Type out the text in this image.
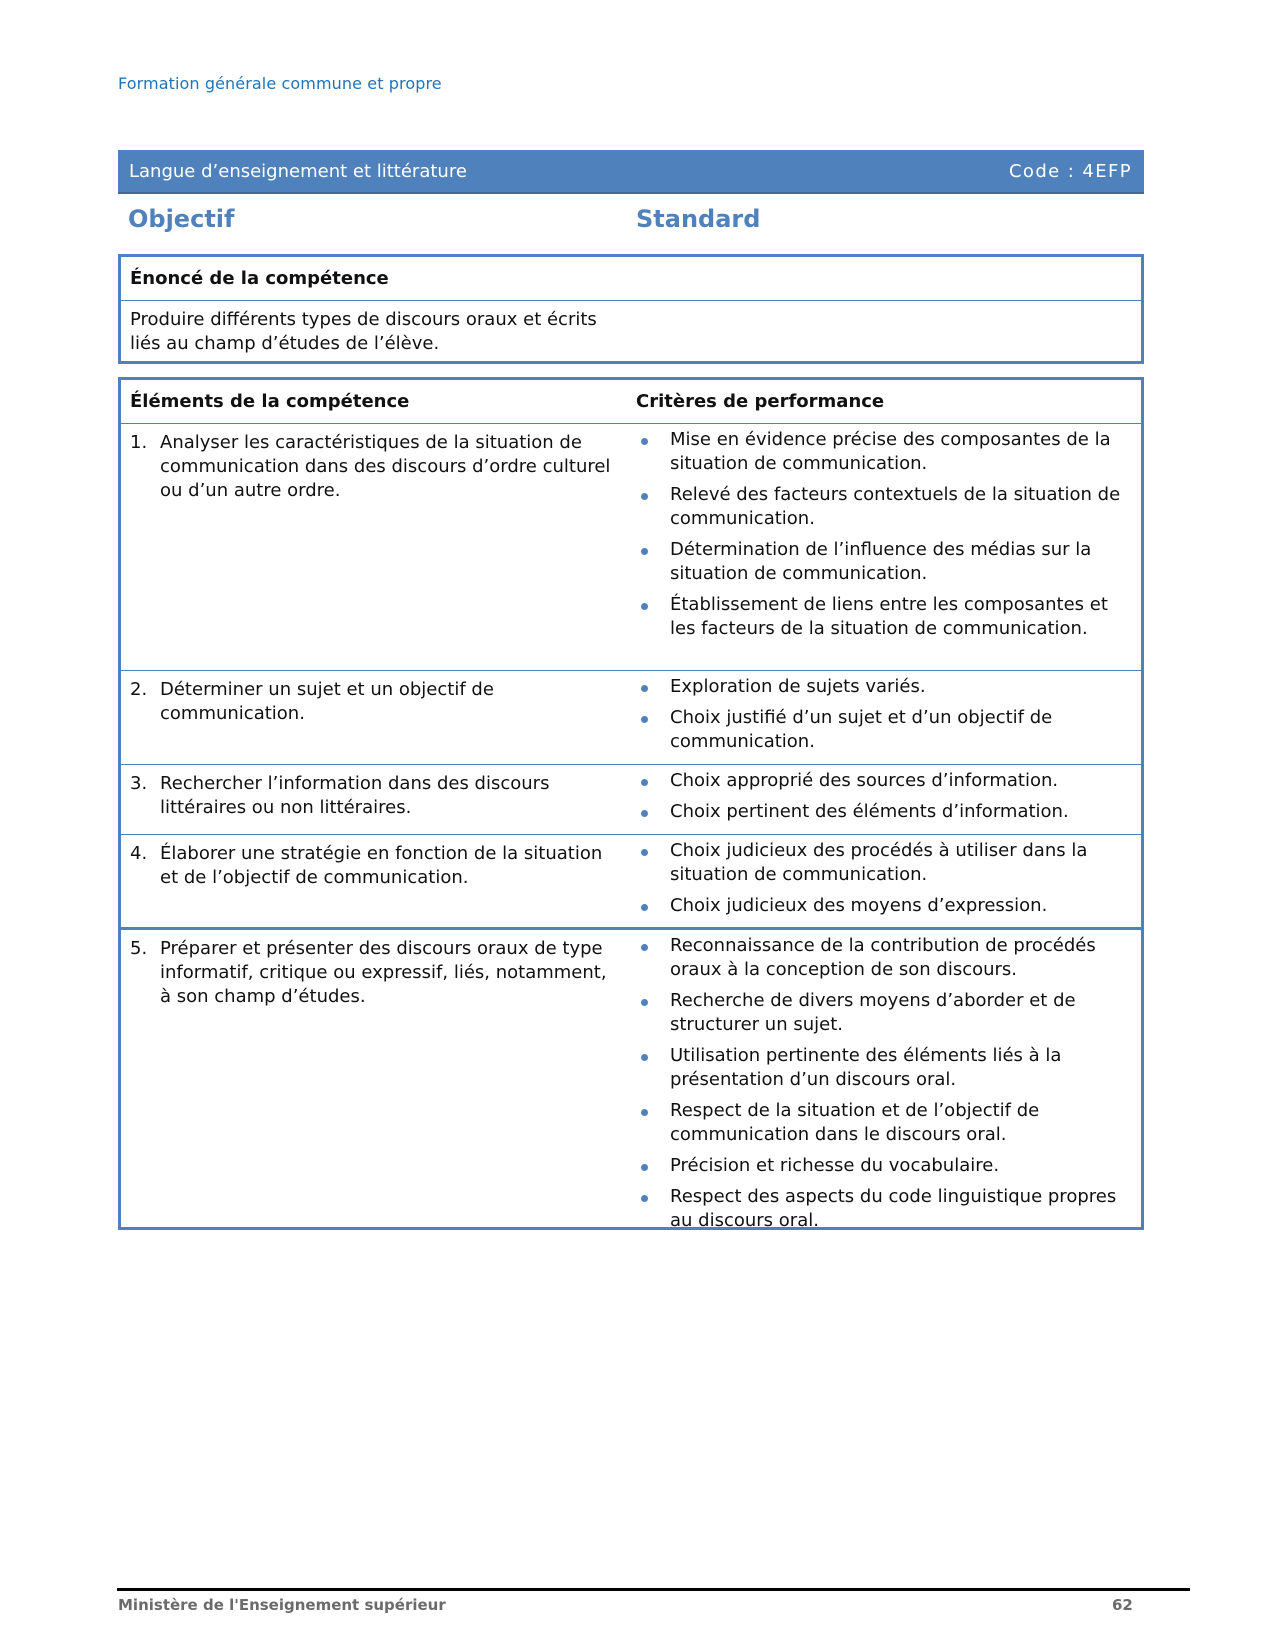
Formation générale commune et propre
Langue d’enseignement et littérature	Code : 4EFP
Objectif	Standard
Énoncé de la compétence
Produire différents types de discours oraux et écrits liés au champ d’études de l’élève.
Éléments de la compétence	Critères de performance
1. Analyser les caractéristiques de la situation de communication dans des discours d’ordre culturel ou d’un autre ordre.
Mise en évidence précise des composantes de la situation de communication.
Relevé des facteurs contextuels de la situation de communication.
Détermination de l’influence des médias sur la situation de communication.
Établissement de liens entre les composantes et les facteurs de la situation de communication.
2. Déterminer un sujet et un objectif de communication.
Exploration de sujets variés.
Choix justifié d’un sujet et d’un objectif de communication.
3. Rechercher l’information dans des discours littéraires ou non littéraires.
Choix approprié des sources d’information.
Choix pertinent des éléments d’information.
4. Élaborer une stratégie en fonction de la situation et de l’objectif de communication.
Choix judicieux des procédés à utiliser dans la situation de communication.
Choix judicieux des moyens d’expression.
5. Préparer et présenter des discours oraux de type informatif, critique ou expressif, liés, notamment, à son champ d’études.
Reconnaissance de la contribution de procédés oraux à la conception de son discours.
Recherche de divers moyens d’aborder et de structurer un sujet.
Utilisation pertinente des éléments liés à la présentation d’un discours oral.
Respect de la situation et de l’objectif de communication dans le discours oral.
Précision et richesse du vocabulaire.
Respect des aspects du code linguistique propres au discours oral.
Ministère de l'Enseignement supérieur	62
